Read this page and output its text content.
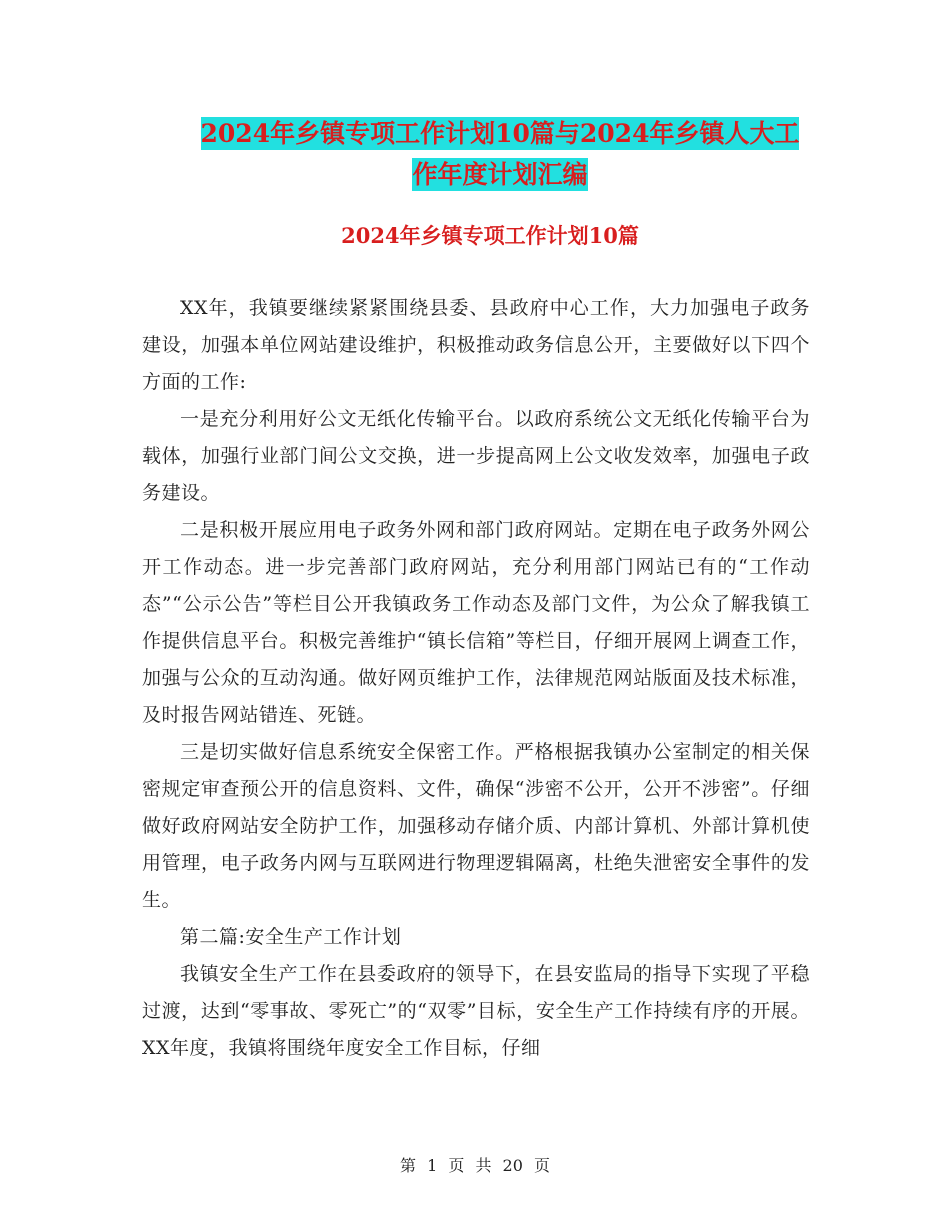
2024年乡镇专项工作计划10篇与2024年乡镇人大工
作年度计划汇编
2024年乡镇专项工作计划10篇

XX年，我镇要继续紧紧围绕县委、县政府中心工作，大力加强电子政务建设，加强本单位网站建设维护，积极推动政务信息公开，主要做好以下四个方面的工作:

一是充分利用好公文无纸化传输平台。以政府系统公文无纸化传输平台为载体，加强行业部门间公文交换，进一步提高网上公文收发效率，加强电子政务建设。

二是积极开展应用电子政务外网和部门政府网站。定期在电子政务外网公开工作动态。进一步完善部门政府网站，充分利用部门网站已有的“工作动态”“公示公告”等栏目公开我镇政务工作动态及部门文件，为公众了解我镇工作提供信息平台。积极完善维护“镇长信箱”等栏目，仔细开展网上调查工作，加强与公众的互动沟通。做好网页维护工作，法律规范网站版面及技术标准，及时报告网站错连、死链。

三是切实做好信息系统安全保密工作。严格根据我镇办公室制定的相关保密规定审查预公开的信息资料、文件，确保“涉密不公开，公开不涉密”。仔细做好政府网站安全防护工作，加强移动存储介质、内部计算机、外部计算机使用管理，电子政务内网与互联网进行物理逻辑隔离，杜绝失泄密安全事件的发生。

第二篇:安全生产工作计划

我镇安全生产工作在县委政府的领导下，在县安监局的指导下实现了平稳过渡，达到“零事故、零死亡”的“双零”目标，安全生产工作持续有序的开展。XX年度，我镇将围绕年度安全工作目标，仔细

第 1 页 共 20 页
